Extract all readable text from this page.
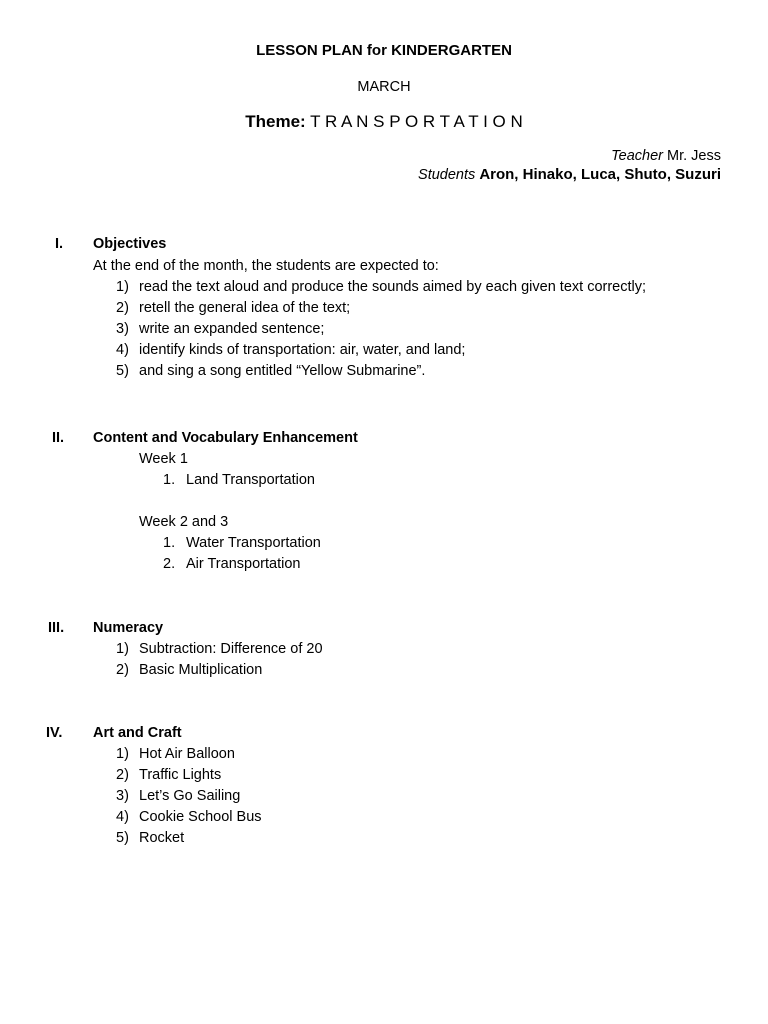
LESSON PLAN for KINDERGARTEN
MARCH
Theme: T R A N S P O R T A T I O N
Teacher Mr. Jess
Students Aron, Hinako, Luca, Shuto, Suzuri
I. Objectives
At the end of the month, the students are expected to:
1) read the text aloud and produce the sounds aimed by each given text correctly;
2) retell the general idea of the text;
3) write an expanded sentence;
4) identify kinds of transportation: air, water, and land;
5) and sing a song entitled “Yellow Submarine”.
II. Content and Vocabulary Enhancement
Week 1
1. Land Transportation
Week 2 and 3
1. Water Transportation
2. Air Transportation
III. Numeracy
1) Subtraction: Difference of 20
2) Basic Multiplication
IV. Art and Craft
1) Hot Air Balloon
2) Traffic Lights
3) Let’s Go Sailing
4) Cookie School Bus
5) Rocket
